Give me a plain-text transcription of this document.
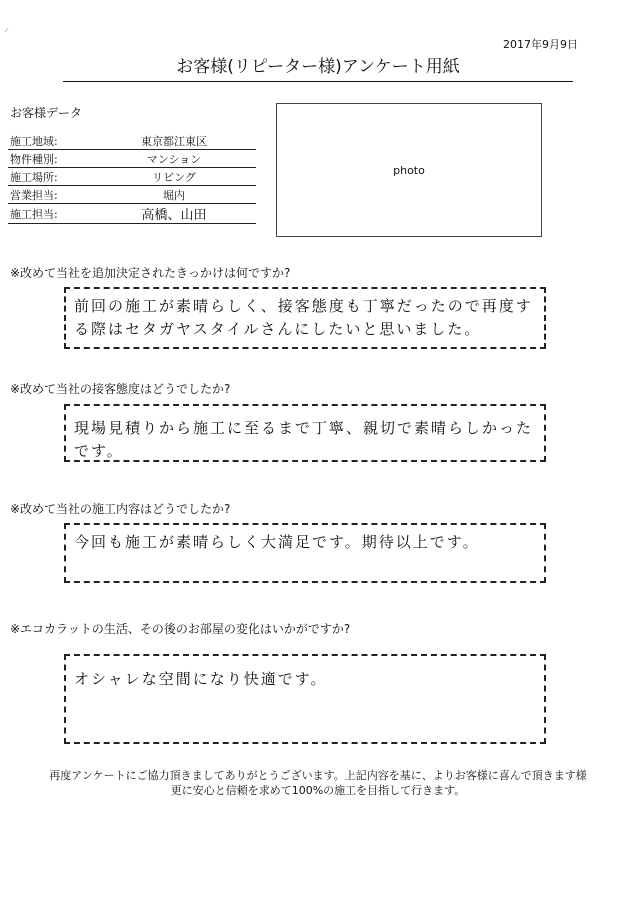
⸝
2017年9月9日
お客様(リピーター様)アンケート用紙
お客様データ
施工地域:	東京都江東区
物件種別:	マンション
施工場所:	リビング
営業担当:	堀内
施工担当:	高橋、山田
photo
※改めて当社を追加決定されたきっかけは何ですか?
前回の施工が素晴らしく、接客態度も丁寧だったので再度する際はセタガヤスタイルさんにしたいと思いました。
※改めて当社の接客態度はどうでしたか?
現場見積りから施工に至るまで丁寧、親切で素晴らしかったです。
※改めて当社の施工内容はどうでしたか?
今回も施工が素晴らしく大満足です。期待以上です。
※エコカラットの生活、その後のお部屋の変化はいかがですか?
オシャレな空間になり快適です。
再度アンケートにご協力頂きましてありがとうございます。上記内容を基に、よりお客様に喜んで頂きます様
更に安心と信頼を求めて100%の施工を目指して行きます。
